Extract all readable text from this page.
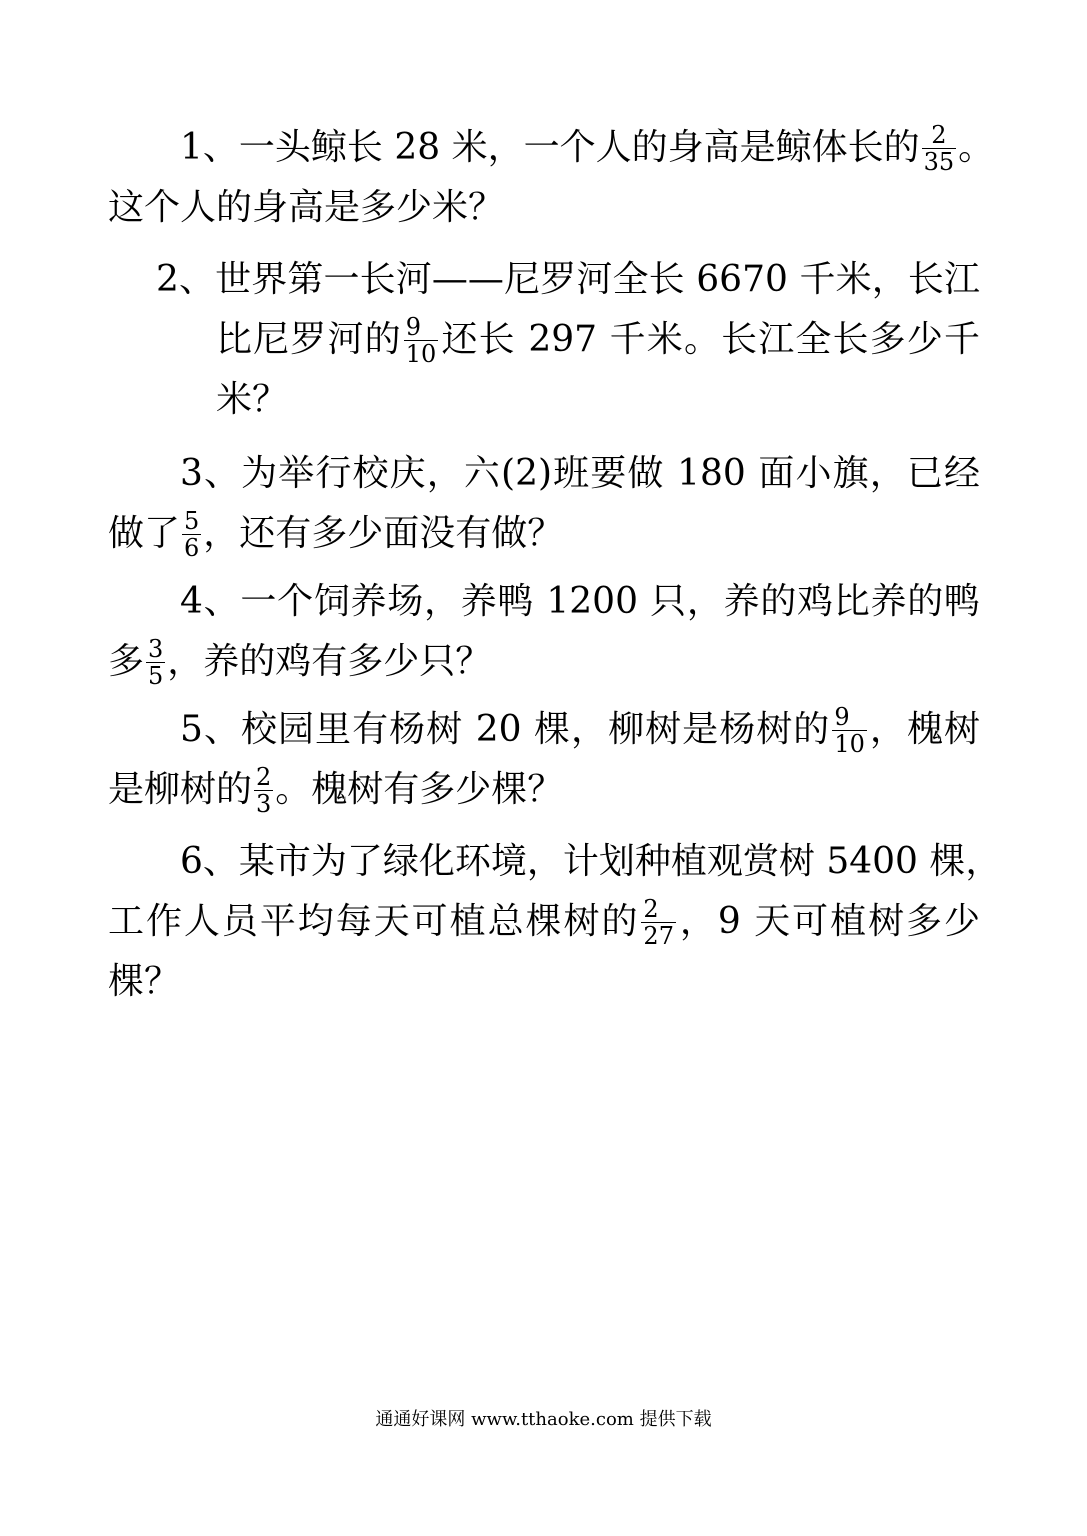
1、一头鲸长 28 米，一个人的身高是鲸体长的 $\frac{2}{35}$ 。
这个人的身高是多少米？
2、世界第一长河——尼罗河全长 6670 千米，长江
比尼罗河的 $\frac{9}{10}$ 还长 297 千米。长江全长多少千
米？
3、为举行校庆，六(2)班要做 180 面小旗，已经
做了 $\frac{5}{6}$ ，还有多少面没有做？
4、一个饲养场，养鸭 1200 只，养的鸡比养的鸭
多 $\frac{3}{5}$ ，养的鸡有多少只？
5、校园里有杨树 20 棵，柳树是杨树的 $\frac{9}{10}$ ，槐树
是柳树的 $\frac{2}{3}$ 。槐树有多少棵？
6、某市为了绿化环境，计划种植观赏树 5400 棵，
工作人员平均每天可植总棵树的 $\frac{2}{27}$ ，9 天可植树多少
棵？
通通好课网 www.tthaoke.com 提供下载
